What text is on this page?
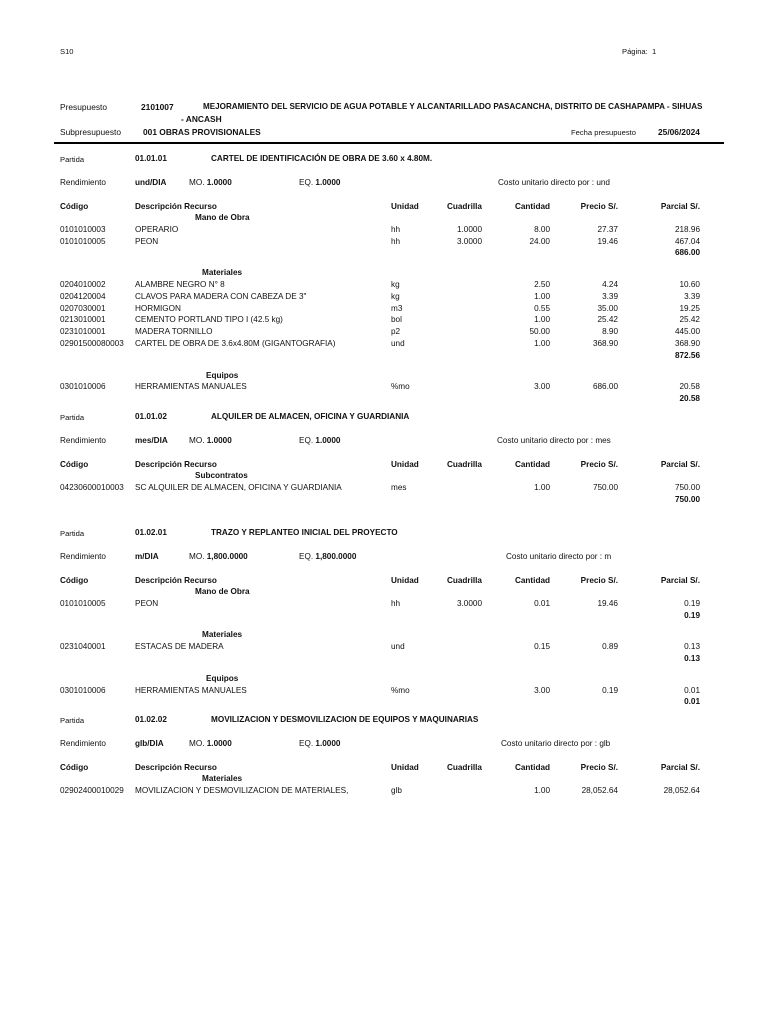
S10	Página: 1
Presupuesto	2101007	MEJORAMIENTO DEL SERVICIO DE AGUA POTABLE Y ALCANTARILLADO PASACANCHA, DISTRITO DE CASHAPAMPA - SIHUAS
- ANCASH
Subpresupuesto	001 OBRAS PROVISIONALES	Fecha presupuesto	25/06/2024
Partida	01.01.01	CARTEL DE IDENTIFICACIÓN DE OBRA DE 3.60 x 4.80M.
Rendimiento	und/DIA	MO. 1.0000	EQ. 1.0000	Costo unitario directo por : und
Código	Descripción Recurso	Unidad	Cuadrilla	Cantidad	Precio S/.	Parcial S/.
Mano de Obra
0101010003	OPERARIO	hh	1.0000	8.00	27.37	218.96
0101010005	PEON	hh	3.0000	24.00	19.46	467.04
686.00
Materiales
0204010002	ALAMBRE NEGRO N° 8	kg	2.50	4.24	10.60
0204120004	CLAVOS PARA MADERA CON CABEZA DE 3"	kg	1.00	3.39	3.39
0207030001	HORMIGON	m3	0.55	35.00	19.25
0213010001	CEMENTO PORTLAND TIPO I (42.5 kg)	bol	1.00	25.42	25.42
0231010001	MADERA TORNILLO	p2	50.00	8.90	445.00
02901500080003 CARTEL DE OBRA DE 3.6x4.80M (GIGANTOGRAFIA)	und	1.00	368.90	368.90
872.56
Equipos
0301010006	HERRAMIENTAS MANUALES	%mo	3.00	686.00	20.58
20.58
Partida	01.01.02	ALQUILER DE ALMACEN, OFICINA Y GUARDIANIA
Rendimiento	mes/DIA	MO. 1.0000	EQ. 1.0000	Costo unitario directo por : mes
Código	Descripción Recurso	Unidad	Cuadrilla	Cantidad	Precio S/.	Parcial S/.
Subcontratos
04230600010003 SC ALQUILER DE ALMACEN, OFICINA Y GUARDIANIA	mes	1.00	750.00	750.00
750.00
Partida	01.02.01	TRAZO Y REPLANTEO INICIAL DEL PROYECTO
Rendimiento	m/DIA	MO. 1,800.0000	EQ. 1,800.0000	Costo unitario directo por : m
Código	Descripción Recurso	Unidad	Cuadrilla	Cantidad	Precio S/.	Parcial S/.
Mano de Obra
0101010005	PEON	hh	3.0000	0.01	19.46	0.19
0.19
Materiales
0231040001	ESTACAS DE MADERA	und	0.15	0.89	0.13
0.13
Equipos
0301010006	HERRAMIENTAS MANUALES	%mo	3.00	0.19	0.01
0.01
Partida	01.02.02	MOVILIZACION Y DESMOVILIZACION DE EQUIPOS Y MAQUINARIAS
Rendimiento	glb/DIA	MO. 1.0000	EQ. 1.0000	Costo unitario directo por : glb
Código	Descripción Recurso	Unidad	Cuadrilla	Cantidad	Precio S/.	Parcial S/.
Materiales
02902400010029 MOVILIZACION Y DESMOVILIZACION DE MATERIALES,	glb	1.00	28,052.64	28,052.64
